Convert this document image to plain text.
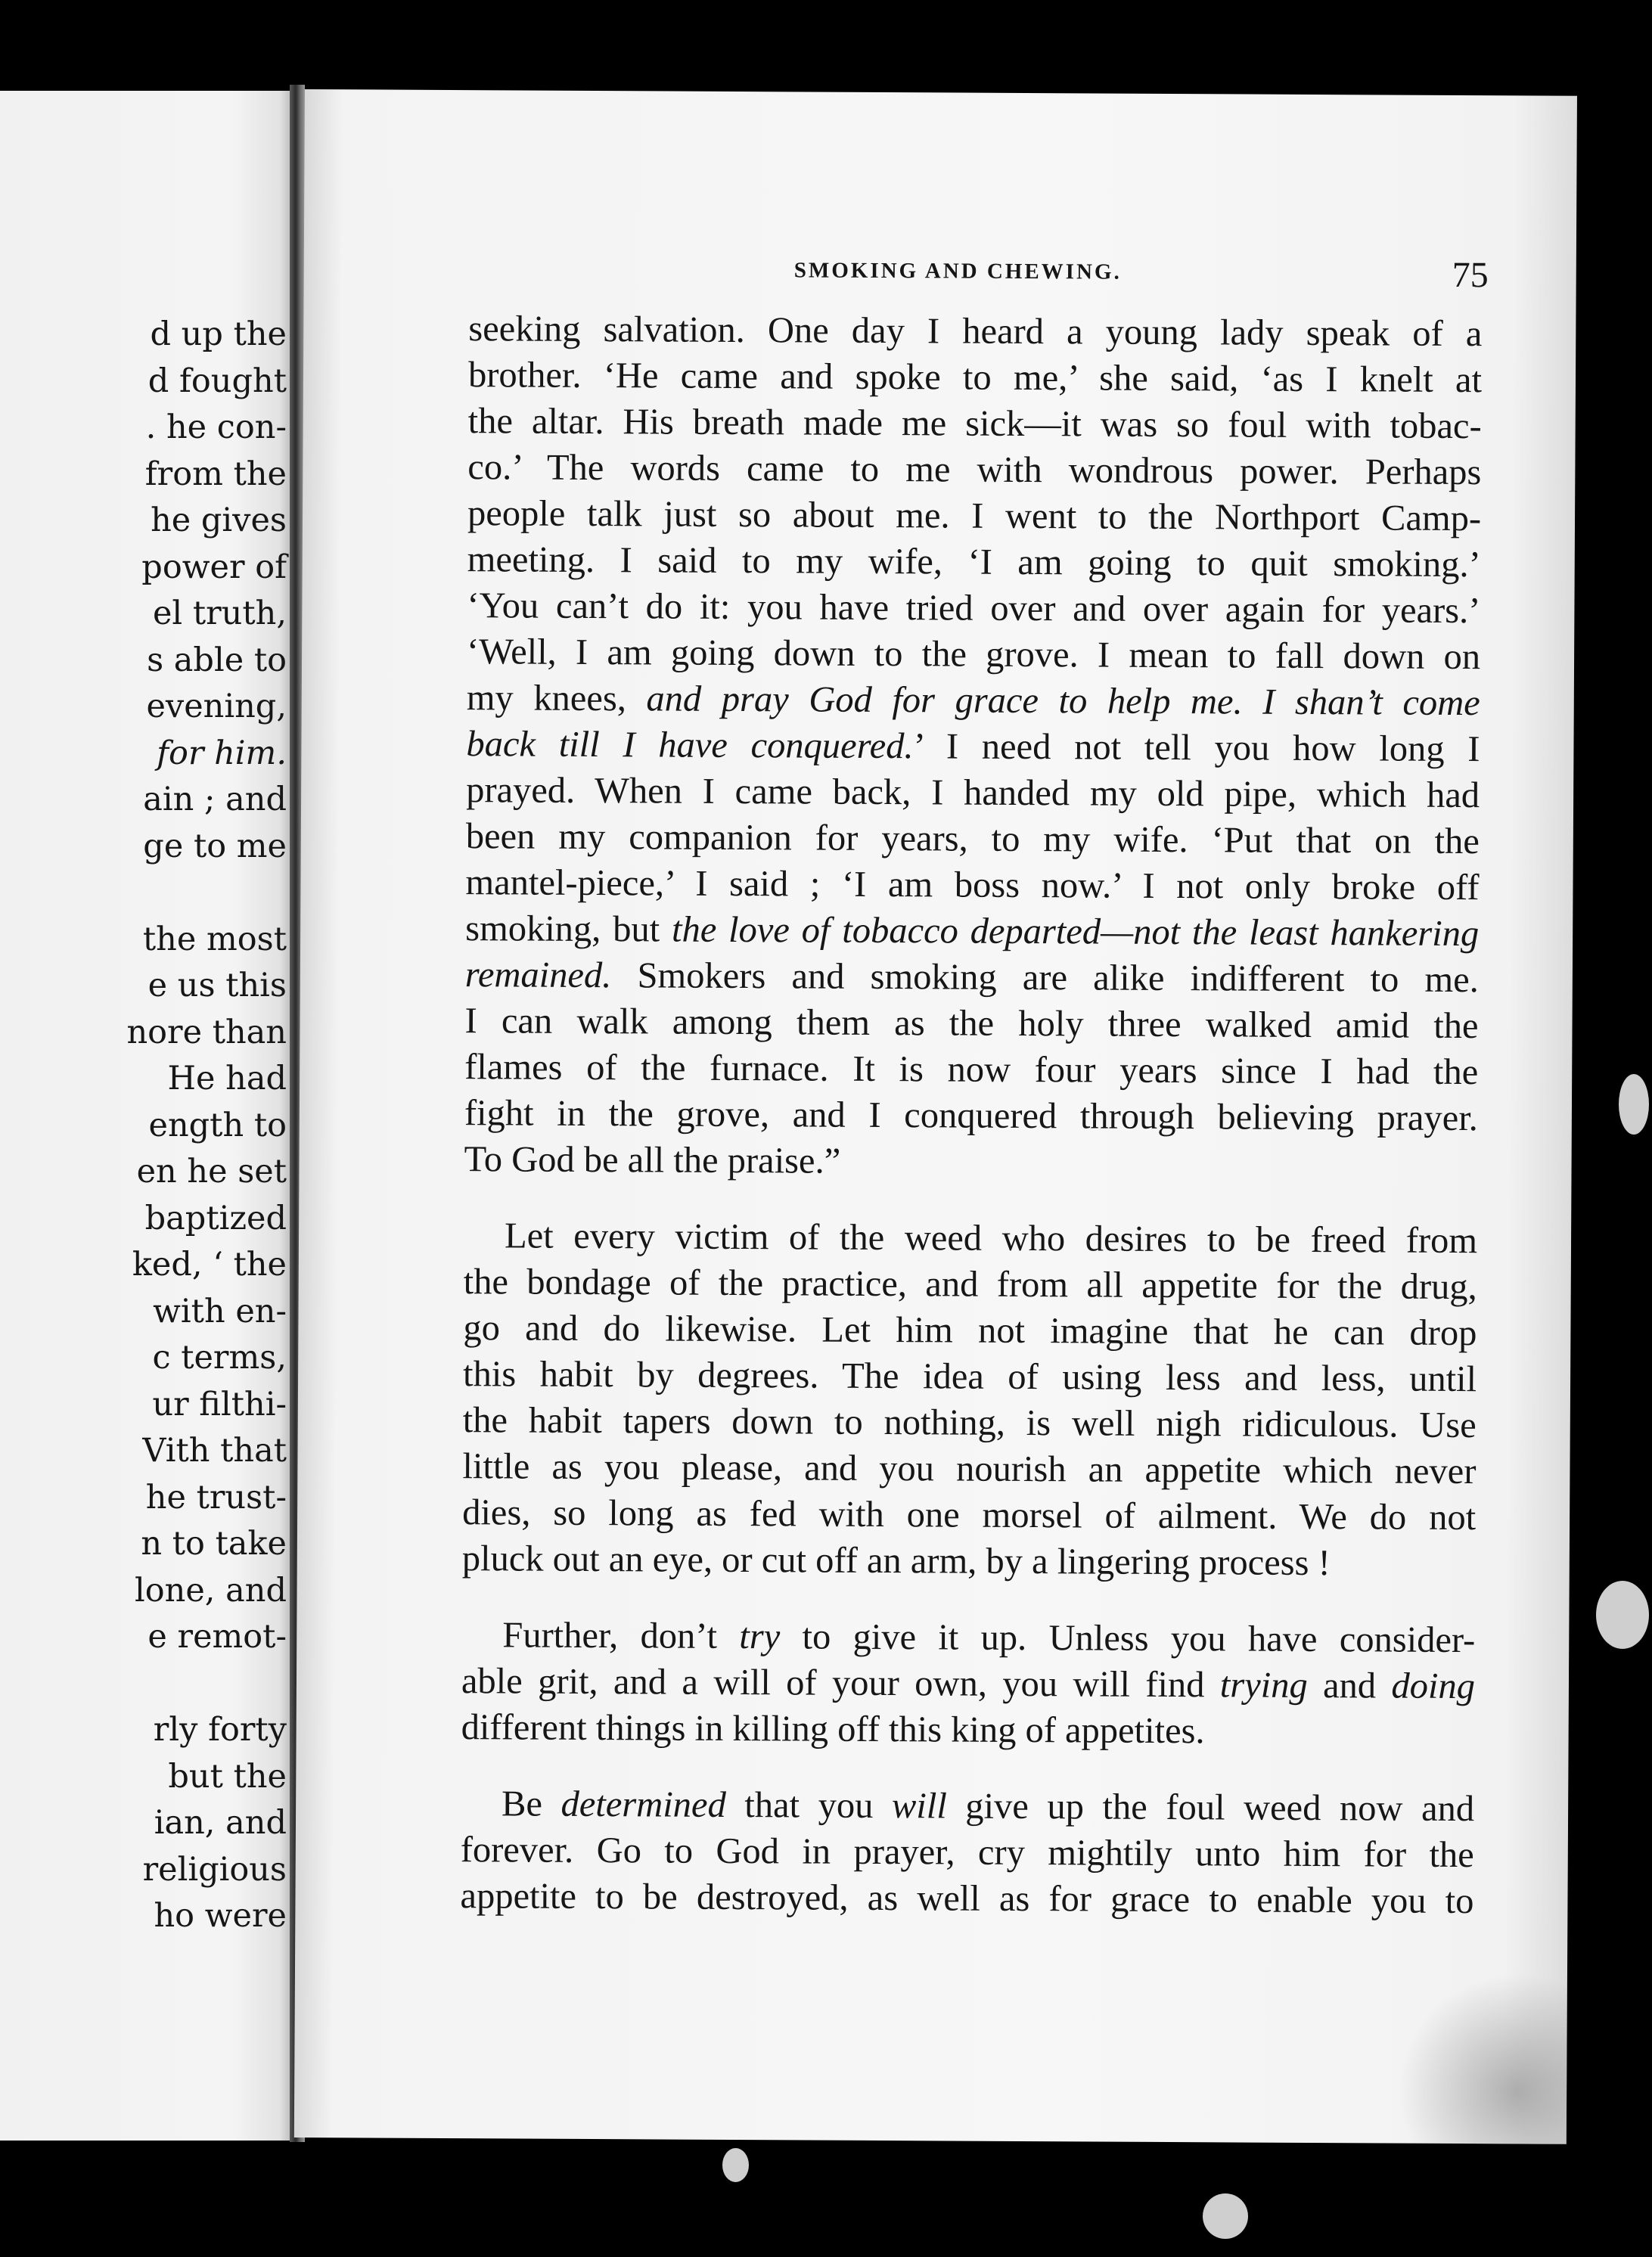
d up the
d fought
. he con-
from the
he gives
power of
el truth,
s able to
evening,
for him.
ain ; and
ge to me
the most
e us this
nore than
He had
ength to
en he set
baptized
ked, ‘ the
with en-
c terms,
ur filthi-
Vith that
he trust-
n to take
lone, and
e remot-
rly forty
but the
ian, and
religious
ho were
SMOKING AND CHEWING.	75
seeking salvation. One day I heard a young lady speak of a
brother. ‘He came and spoke to me,’ she said, ‘as I knelt at
the altar. His breath made me sick—it was so foul with tobac-
co.’ The words came to me with wondrous power. Perhaps
people talk just so about me. I went to the Northport Camp-
meeting. I said to my wife, ‘I am going to quit smoking.’
‘You can’t do it: you have tried over and over again for years.’
‘Well, I am going down to the grove. I mean to fall down on
my knees, and pray God for grace to help me. I shan’t come
back till I have conquered.’ I need not tell you how long I
prayed. When I came back, I handed my old pipe, which had
been my companion for years, to my wife. ‘Put that on the
mantel-piece,’ I said ; ‘I am boss now.’ I not only broke off
smoking, but the love of tobacco departed—not the least hankering
remained. Smokers and smoking are alike indifferent to me.
I can walk among them as the holy three walked amid the
flames of the furnace. It is now four years since I had the
fight in the grove, and I conquered through believing prayer.
To God be all the praise.”
Let every victim of the weed who desires to be freed from
the bondage of the practice, and from all appetite for the drug,
go and do likewise. Let him not imagine that he can drop
this habit by degrees. The idea of using less and less, until
the habit tapers down to nothing, is well nigh ridiculous. Use
little as you please, and you nourish an appetite which never
dies, so long as fed with one morsel of ailment. We do not
pluck out an eye, or cut off an arm, by a lingering process !
Further, don’t try to give it up. Unless you have consider-
able grit, and a will of your own, you will find trying and doing
different things in killing off this king of appetites.
Be determined that you will give up the foul weed now and
forever. Go to God in prayer, cry mightily unto him for the
appetite to be destroyed, as well as for grace to enable you to
